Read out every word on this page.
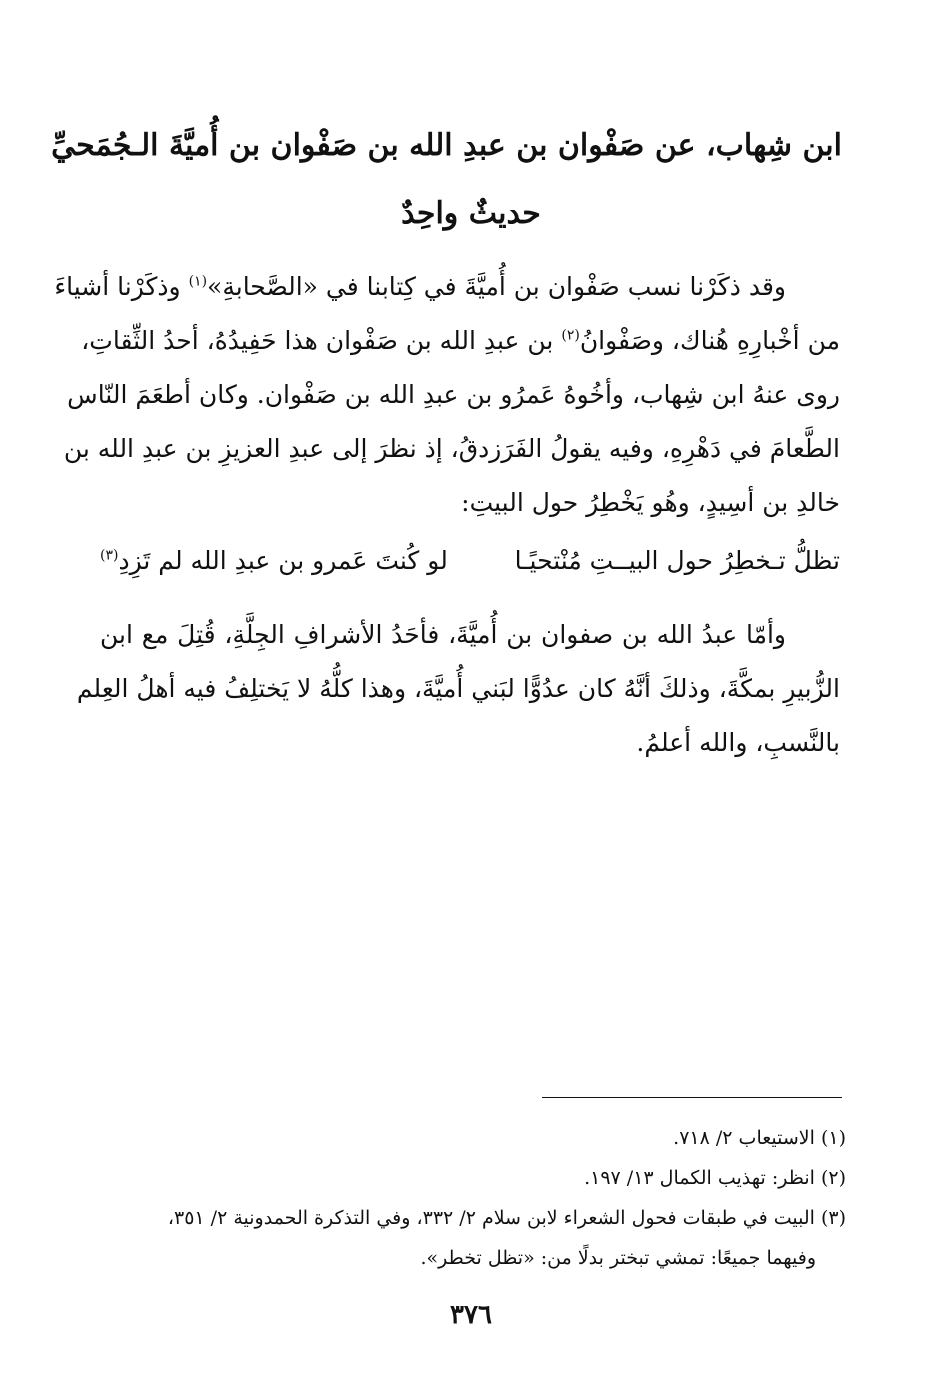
ابن شِهاب، عن صَفْوان بن عبدِ الله بن صَفْوان بن أُميَّةَ الـجُمَحيِّ
حديثٌ واحِدٌ
وقد ذكَرْنا نسب صَفْوان بن أُميَّةَ في كِتابنا في «الصَّحابةِ»$^{(١)}$ وذكَرْنا أشياءَ
من أخْبارِهِ هُناك، وصَفْوانُ$^{(٢)}$ بن عبدِ الله بن صَفْوان هذا حَفِيدُهُ، أحدُ الثِّقاتِ،
روى عنهُ ابن شِهاب، وأخُوهُ عَمرُو بن عبدِ الله بن صَفْوان. وكان أطعَمَ النّاس
الطَّعامَ في دَهْرِهِ، وفيه يقولُ الفَرَزدقُ، إذ نظرَ إلى عبدِ العزيزِ بن عبدِ الله بن
خالدِ بن أسِيدٍ، وهُو يَخْطِرُ حول البيتِ:
تظلُّ تـخطِرُ حول البيــتِ مُنْتحيًـا
لو كُنتَ عَمرو بن عبدِ الله لم تَزِدِ$^{(٣)}$
وأمّا عبدُ الله بن صفوان بن أُميَّةَ، فأحَدُ الأشرافِ الجِلَّةِ، قُتِلَ مع ابن
الزُّبيرِ بمكَّةَ، وذلكَ أنَّهُ كان عدُوًّا لبَني أُميَّةَ، وهذا كلُّهُ لا يَختلِفُ فيه أهلُ العِلم
بالنَّسبِ، والله أعلمُ.
(١) الاستيعاب ٢/ ٧١٨.
(٢) انظر: تهذيب الكمال ١٣/ ١٩٧.
(٣) البيت في طبقات فحول الشعراء لابن سلام ٢/ ٣٣٢، وفي التذكرة الحمدونية ٢/ ٣٥١،
وفيهما جميعًا: تمشي تبختر بدلًا من: «تظل تخطر».
٣٧٦
